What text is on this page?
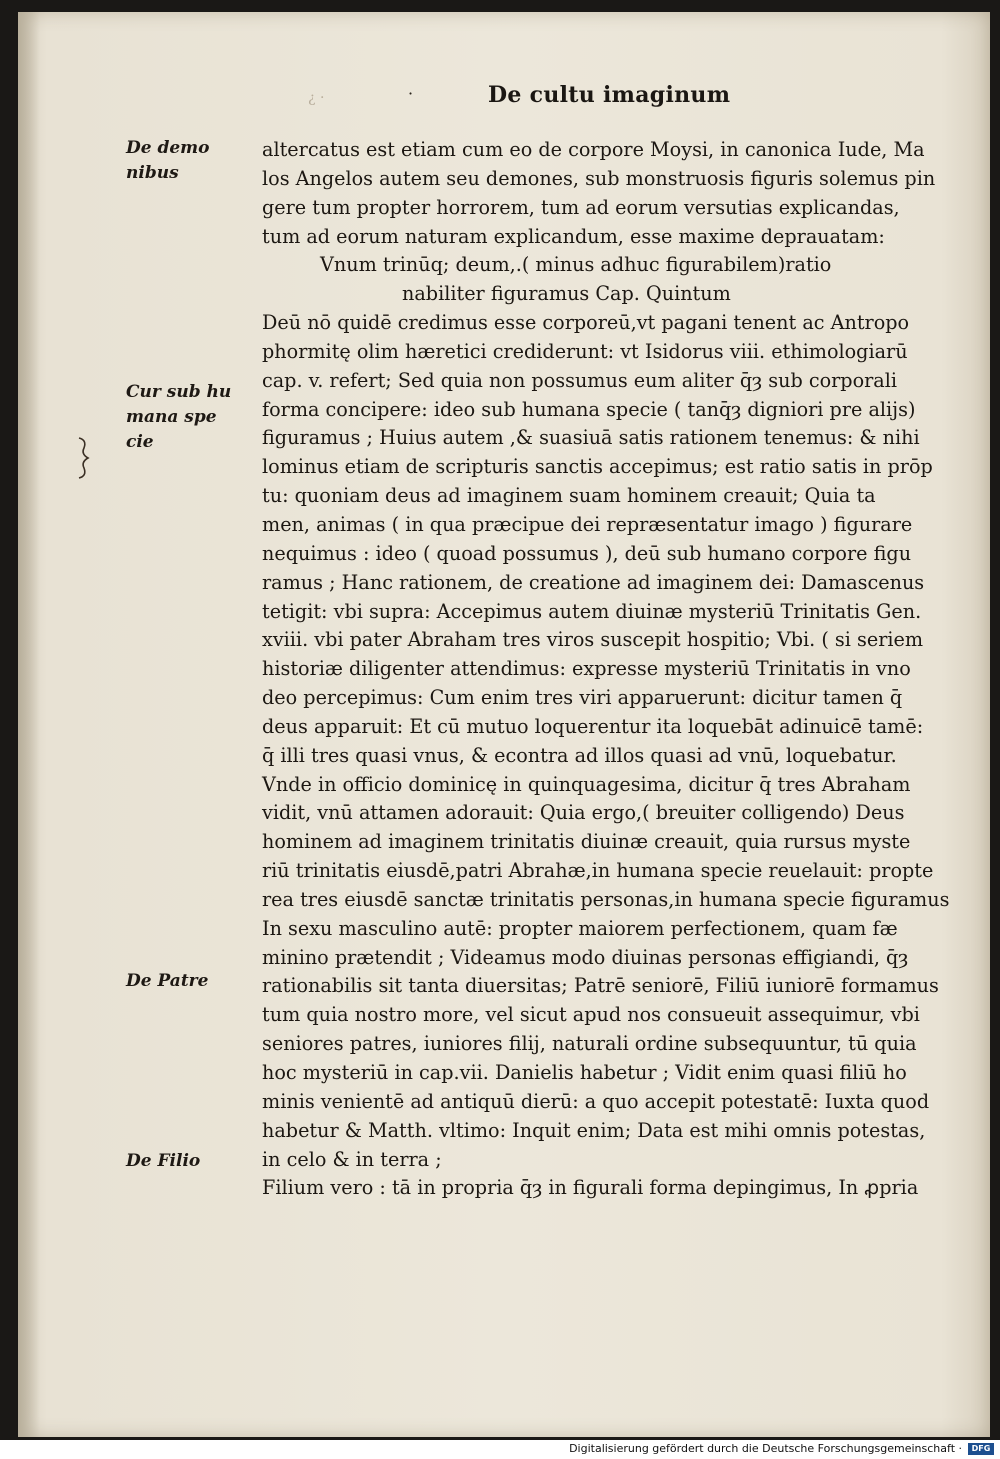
¿ ·	·	De cultu imaginum
De demo
nibus
Cur sub hu
mana spe
cie
De Patre
De Filio
altercatus est etiam cum eo de corpore Moysi, in canonica Iude, Ma
los Angelos autem seu demones, sub monstruosis figuris solemus pin
gere tum propter horrorem, tum ad eorum versutias explicandas,
tum ad eorum naturam explicandum, esse maxime deprauatam:
Vnum trinūq; deum,.( minus adhuc figurabilem)ratio
nabiliter figuramus Cap. Quintum
Deū nō quidē credimus esse corporeū,vt pagani tenent ac Antropo
phormitę olim hæretici crediderunt: vt Isidorus viii. ethimologiarū
cap. v. refert; Sed quia non possumus eum aliter q̄ȝ sub corporali
forma concipere: ideo sub humana specie ( tanq̄ȝ digniori pre alijs)
figuramus ; Huius autem ,& suasiuā satis rationem tenemus: & nihi
lominus etiam de scripturis sanctis accepimus; est ratio satis in prōp
tu: quoniam deus ad imaginem suam hominem creauit; Quia ta
men, animas ( in qua præcipue dei repræsentatur imago ) figurare
nequimus : ideo ( quoad possumus ), deū sub humano corpore figu
ramus ; Hanc rationem, de creatione ad imaginem dei: Damascenus
tetigit: vbi supra: Accepimus autem diuinæ mysteriū Trinitatis Gen.
xviii. vbi pater Abraham tres viros suscepit hospitio; Vbi. ( si seriem
historiæ diligenter attendimus: expresse mysteriū Trinitatis in vno
deo percepimus: Cum enim tres viri apparuerunt: dicitur tamen q̄
deus apparuit: Et cū mutuo loquerentur ita loquebāt adinuicē tamē:
q̄ illi tres quasi vnus, & econtra ad illos quasi ad vnū, loquebatur.
Vnde in officio dominicę in quinquagesima, dicitur q̄ tres Abraham
vidit, vnū attamen adorauit: Quia ergo,( breuiter colligendo) Deus
hominem ad imaginem trinitatis diuinæ creauit, quia rursus myste
riū trinitatis eiusdē,patri Abrahæ,in humana specie reuelauit: propte
rea tres eiusdē sanctæ trinitatis personas,in humana specie figuramus
In sexu masculino autē: propter maiorem perfectionem, quam fæ
minino prætendit ; Videamus modo diuinas personas effigiandi, q̄ȝ
rationabilis sit tanta diuersitas; Patrē seniorē, Filiū iuniorē formamus
tum quia nostro more, vel sicut apud nos consueuit assequimur, vbi
seniores patres, iuniores filij, naturali ordine subsequuntur, tū quia
hoc mysteriū in cap.vii. Danielis habetur ; Vidit enim quasi filiū ho
minis venientē ad antiquū dierū: a quo accepit potestatē: Iuxta quod
habetur & Matth. vltimo: Inquit enim; Data est mihi omnis potestas,
in celo & in terra ;
Filium vero : tā in propria q̄ȝ in figurali forma depingimus, In ꝓpria
Digitalisierung gefördert durch die Deutsche Forschungsgemeinschaft ·	DFG
